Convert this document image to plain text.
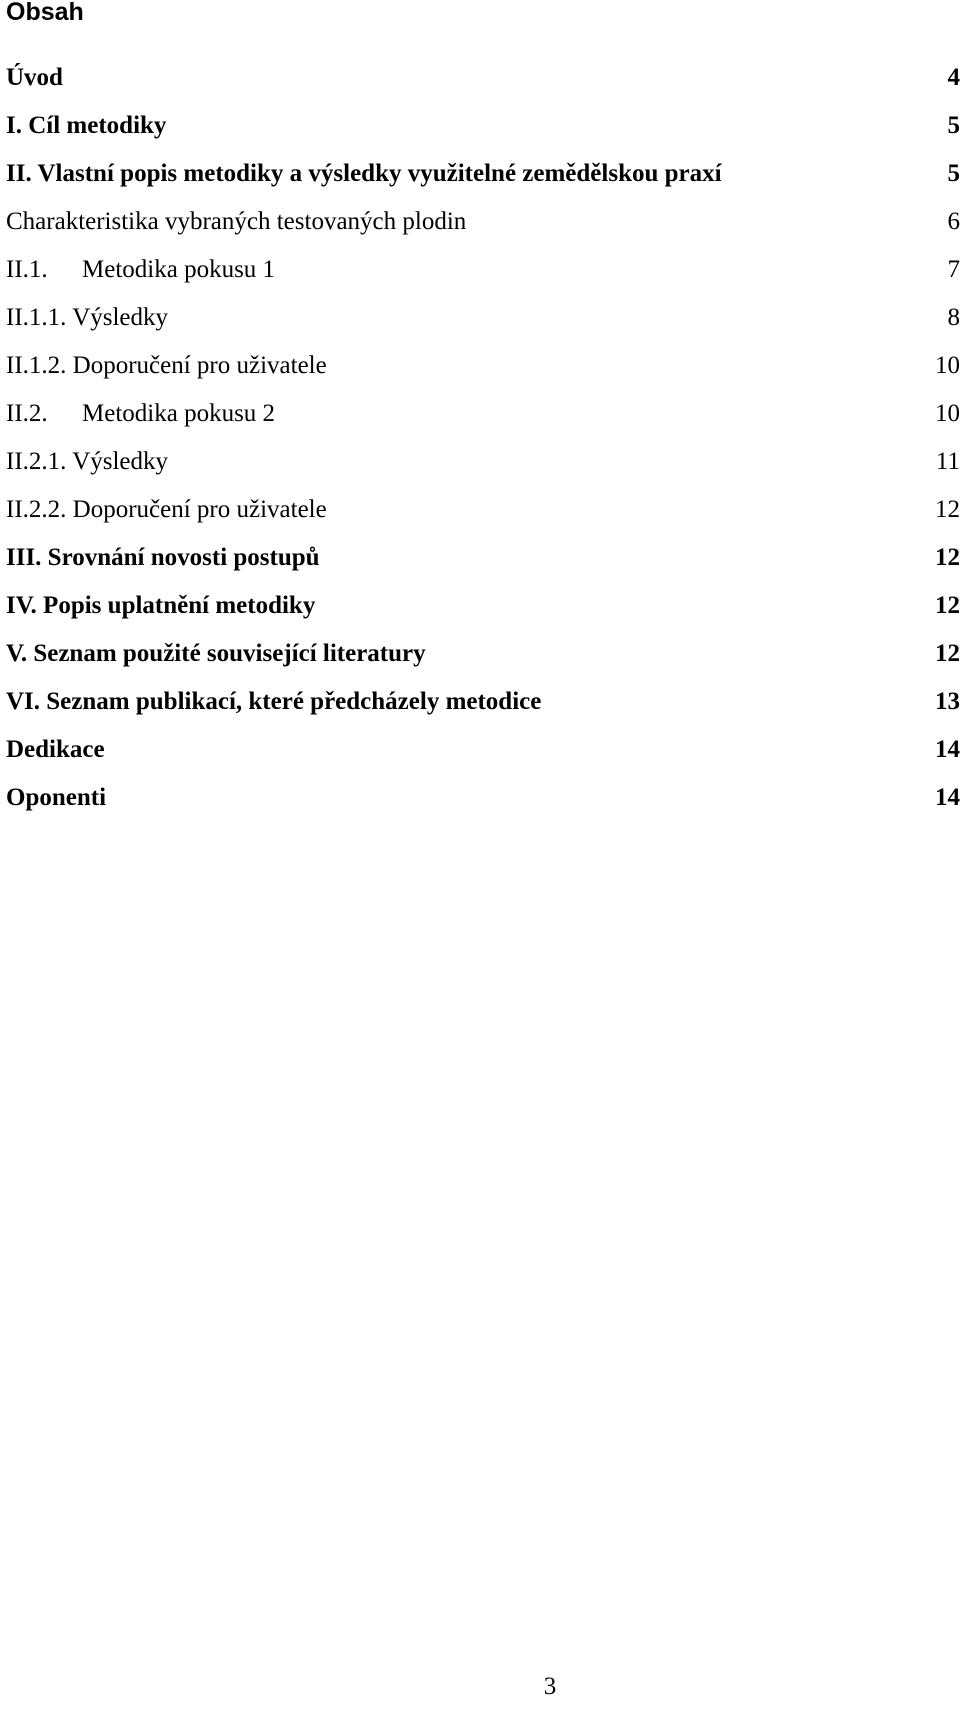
Obsah
Úvod	4
I. Cíl metodiky	5
II. Vlastní popis metodiky a výsledky využitelné zemědělskou praxí	5
Charakteristika vybraných testovaných plodin	6
II.1. Metodika pokusu 1	7
II.1.1. Výsledky	8
II.1.2. Doporučení pro uživatele	10
II.2. Metodika pokusu 2	10
II.2.1. Výsledky	11
II.2.2. Doporučení pro uživatele	12
III. Srovnání novosti postupů	12
IV. Popis uplatnění metodiky	12
V. Seznam použité související literatury	12
VI. Seznam publikací, které předcházely metodice	13
Dedikace	14
Oponenti	14
3
